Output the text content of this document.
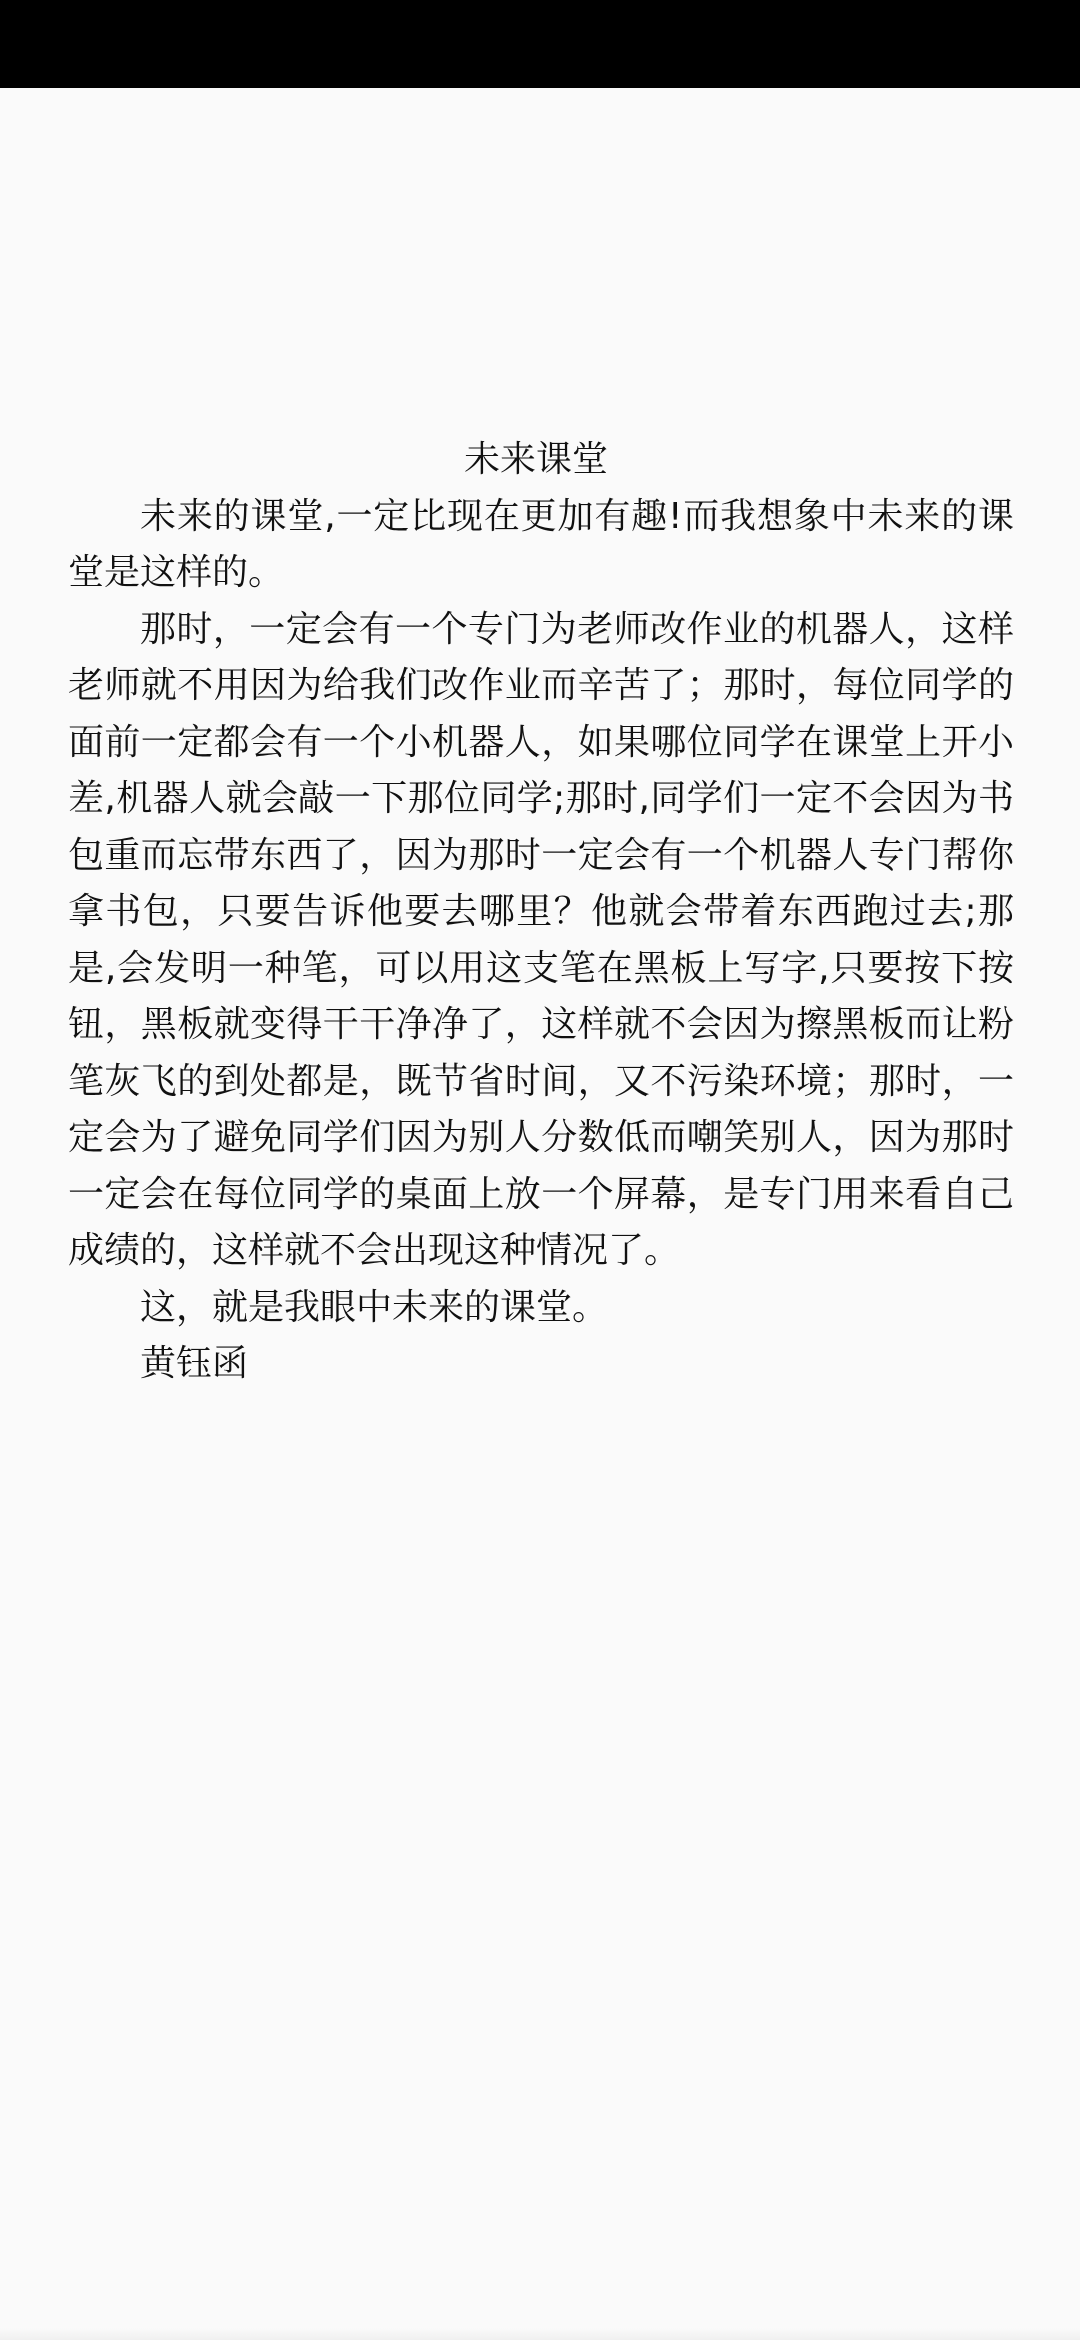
未来课堂

未来的课堂,一定比现在更加有趣!而我想象中未来的课堂是这样的。

那时，一定会有一个专门为老师改作业的机器人，这样老师就不用因为给我们改作业而辛苦了；那时，每位同学的面前一定都会有一个小机器人，如果哪位同学在课堂上开小差,机器人就会敲一下那位同学;那时,同学们一定不会因为书包重而忘带东西了，因为那时一定会有一个机器人专门帮你拿书包，只要告诉他要去哪里？他就会带着东西跑过去;那是,会发明一种笔，可以用这支笔在黑板上写字,只要按下按钮，黑板就变得干干净净了，这样就不会因为擦黑板而让粉笔灰飞的到处都是，既节省时间，又不污染环境；那时，一定会为了避免同学们因为别人分数低而嘲笑别人，因为那时一定会在每位同学的桌面上放一个屏幕，是专门用来看自己成绩的，这样就不会出现这种情况了。

这，就是我眼中未来的课堂。

黄钰函
